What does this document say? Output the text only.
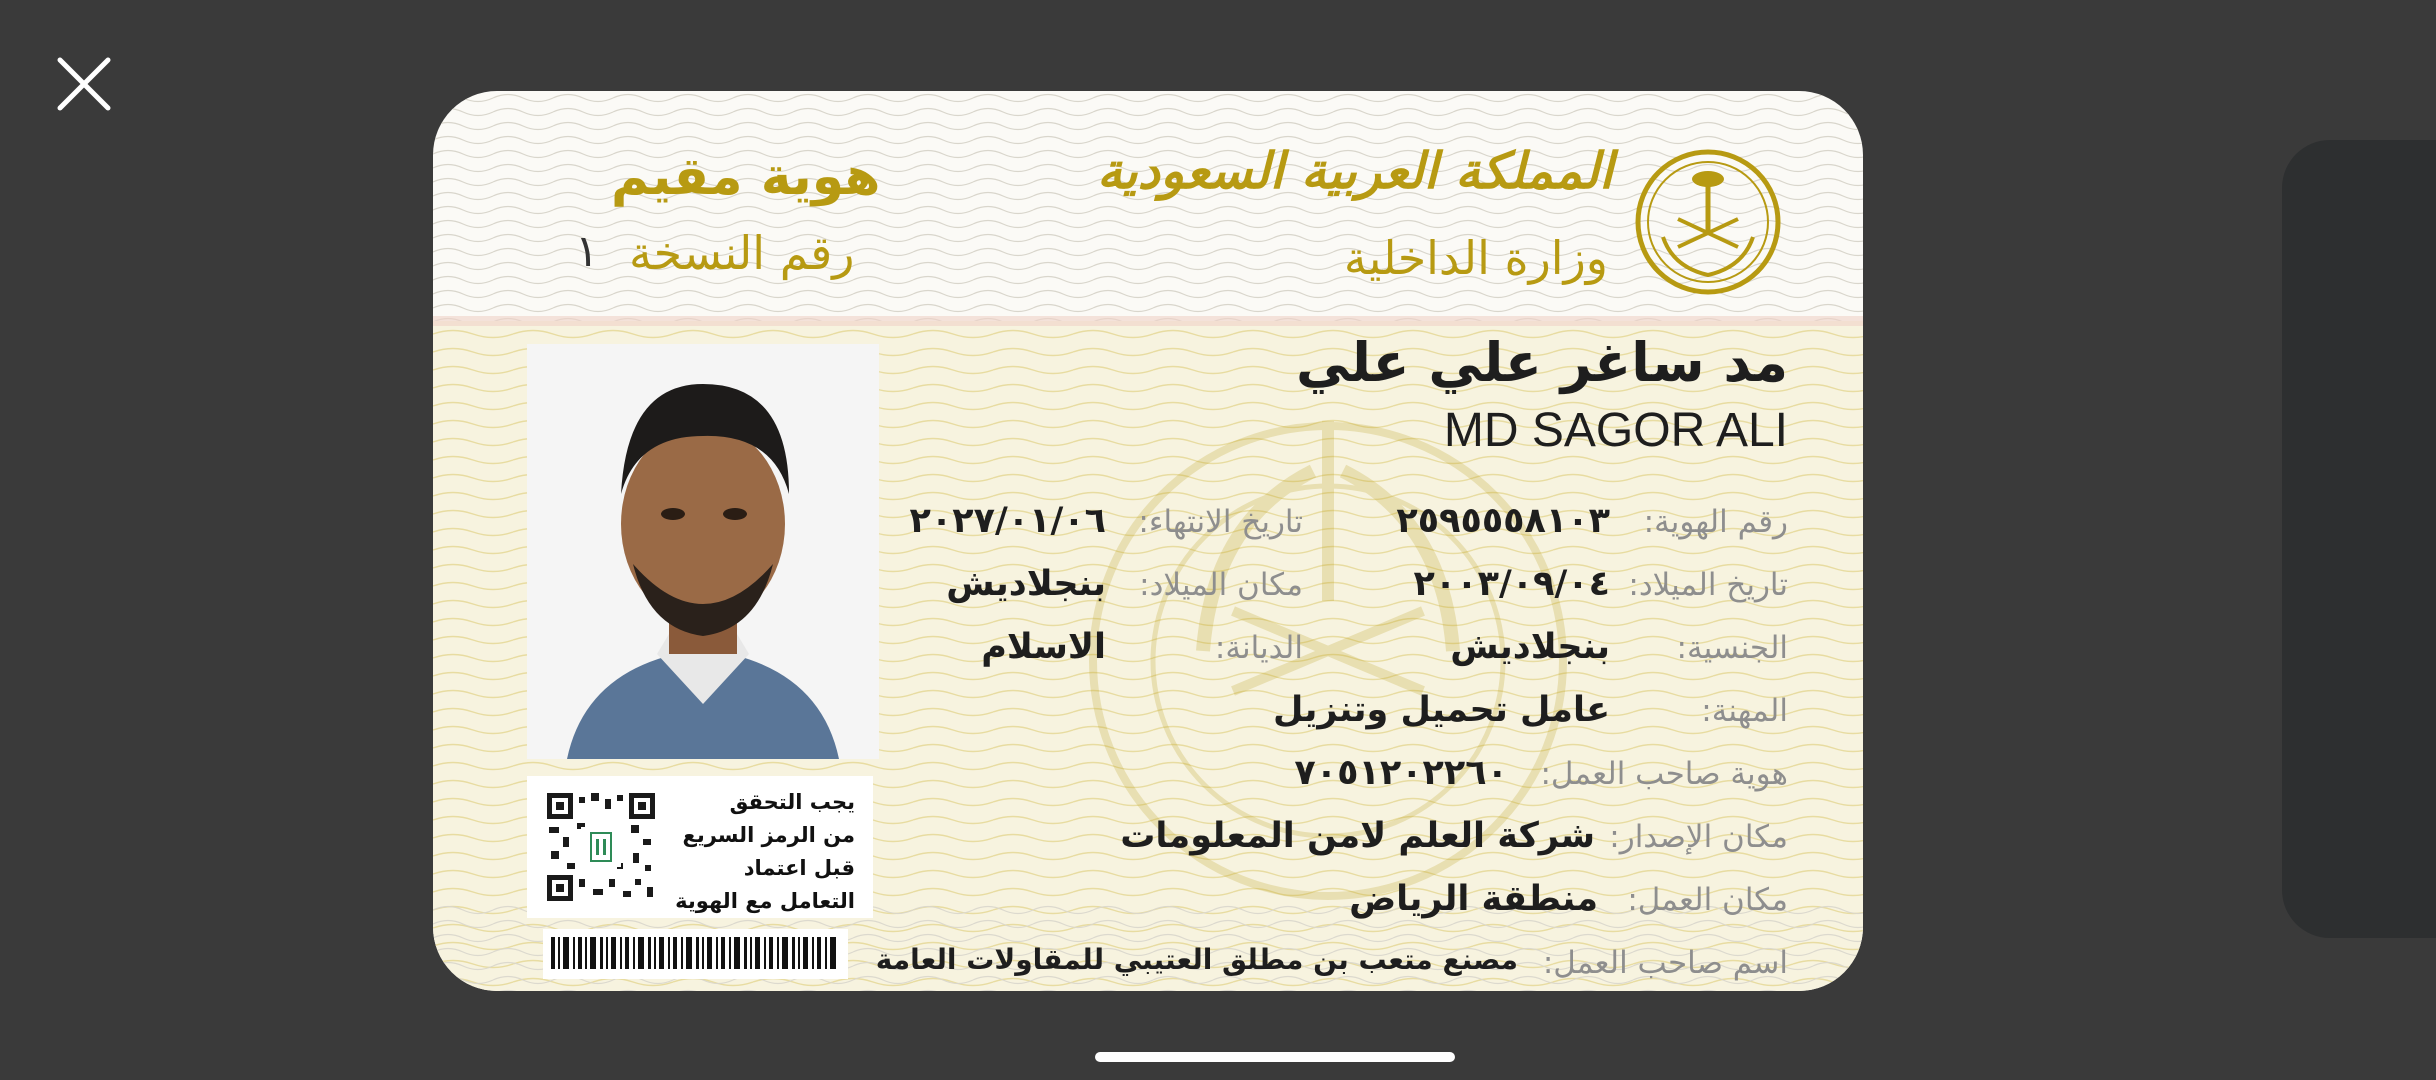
المملكة العربية السعودية
وزارة الداخلية
هوية مقيم
رقم النسخة
١
مد ساغر علي علي
MD SAGOR ALI
رقم الهوية:
٢٥٩٥٥٥٨١٠٣
تاريخ الميلاد:
٢٠٠٣/٠٩/٠٤
الجنسية:
بنجلاديش
المهنة:
عامل تحميل وتنزيل
هوية صاحب العمل:
٧٠٥١٢٠٢٢٦٠
مكان الإصدار:
شركة العلم لامن المعلومات
مكان العمل:
منطقة الرياض
اسم صاحب العمل:
مصنع متعب بن مطلق العتيبي للمقاولات العامة
تاريخ الانتهاء:
٢٠٢٧/٠١/٠٦
مكان الميلاد:
بنجلاديش
الديانة:
الاسلام
يجب التحقق
من الرمز السريع
قبل اعتماد
التعامل مع الهوية
